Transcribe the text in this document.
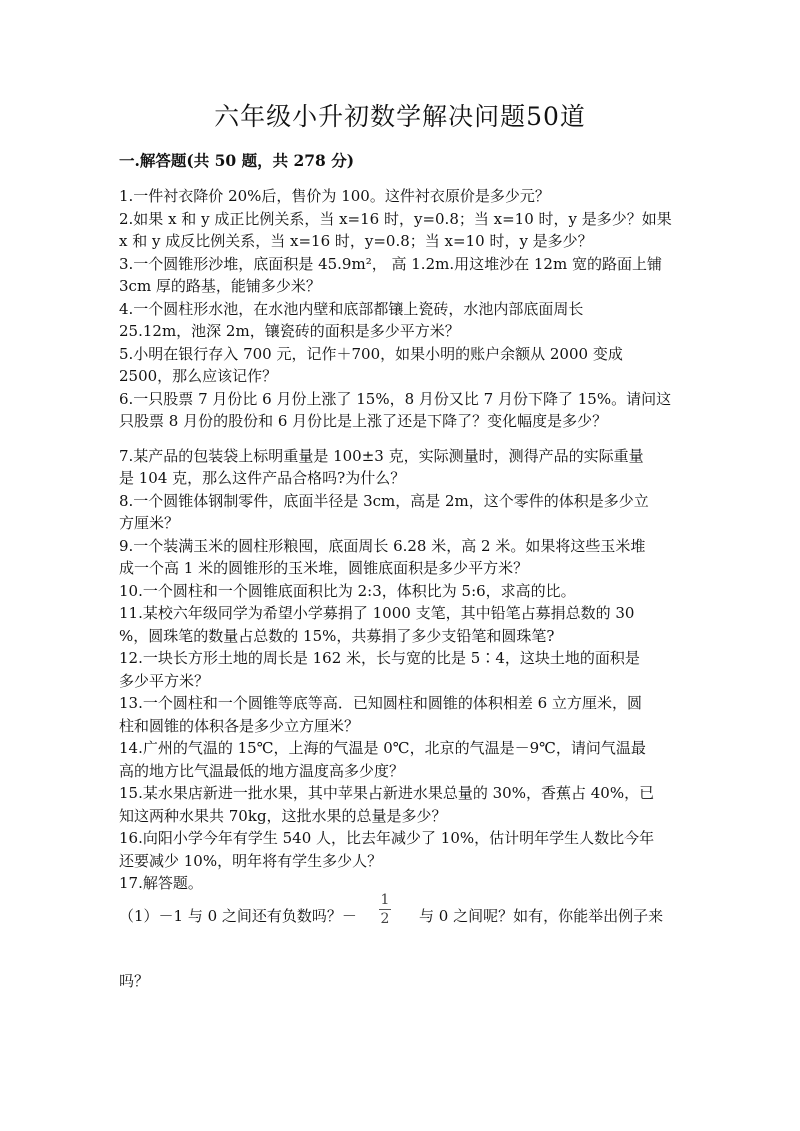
六年级小升初数学解决问题50道
一.解答题(共 50 题，共 278 分)
1.一件衬衣降价 20%后，售价为 100。这件衬衣原价是多少元？
2.如果 x 和 y 成正比例关系，当 x=16 时，y=0.8；当 x=10 时，y 是多少？如果
x 和 y 成反比例关系，当 x=16 时，y=0.8；当 x=10 时，y 是多少？
3.一个圆锥形沙堆，底面积是 45.9m²， 高 1.2m.用这堆沙在 12m 宽的路面上铺
3cm 厚的路基，能铺多少米？
4.一个圆柱形水池，在水池内壁和底部都镶上瓷砖，水池内部底面周长
25.12m，池深 2m，镶瓷砖的面积是多少平方米？
5.小明在银行存入 700 元，记作＋700，如果小明的账户余额从 2000 变成
2500，那么应该记作？
6.一只股票 7 月份比 6 月份上涨了 15%，8 月份又比 7 月份下降了 15%。请问这
只股票 8 月份的股份和 6 月份比是上涨了还是下降了？变化幅度是多少？
7.某产品的包装袋上标明重量是 100±3 克，实际测量时，测得产品的实际重量
是 104 克，那么这件产品合格吗?为什么？
8.一个圆锥体钢制零件，底面半径是 3cm，高是 2m，这个零件的体积是多少立
方厘米？
9.一个装满玉米的圆柱形粮囤，底面周长 6.28 米，高 2 米。如果将这些玉米堆
成一个高 1 米的圆锥形的玉米堆，圆锥底面积是多少平方米？
10.一个圆柱和一个圆锥底面积比为 2:3，体积比为 5:6，求高的比。
11.某校六年级同学为希望小学募捐了 1000 支笔，其中铅笔占募捐总数的 30
%，圆珠笔的数量占总数的 15%，共募捐了多少支铅笔和圆珠笔?
12.一块长方形土地的周长是 162 米，长与宽的比是 5∶4，这块土地的面积是
多少平方米？
13.一个圆柱和一个圆锥等底等高．已知圆柱和圆锥的体积相差 6 立方厘米，圆
柱和圆锥的体积各是多少立方厘米？
14.广州的气温的 15℃，上海的气温是 0℃，北京的气温是－9℃，请问气温最
高的地方比气温最低的地方温度高多少度？
15.某水果店新进一批水果，其中苹果占新进水果总量的 30%，香蕉占 40%，已
知这两种水果共 70kg，这批水果的总量是多少？
16.向阳小学今年有学生 540 人，比去年减少了 10%，估计明年学生人数比今年
还要减少 10%，明年将有学生多少人？
17.解答题。
（1）－1 与 0 之间还有负数吗？－
1
2 与 0 之间呢？如有，你能举出例子来
吗？
